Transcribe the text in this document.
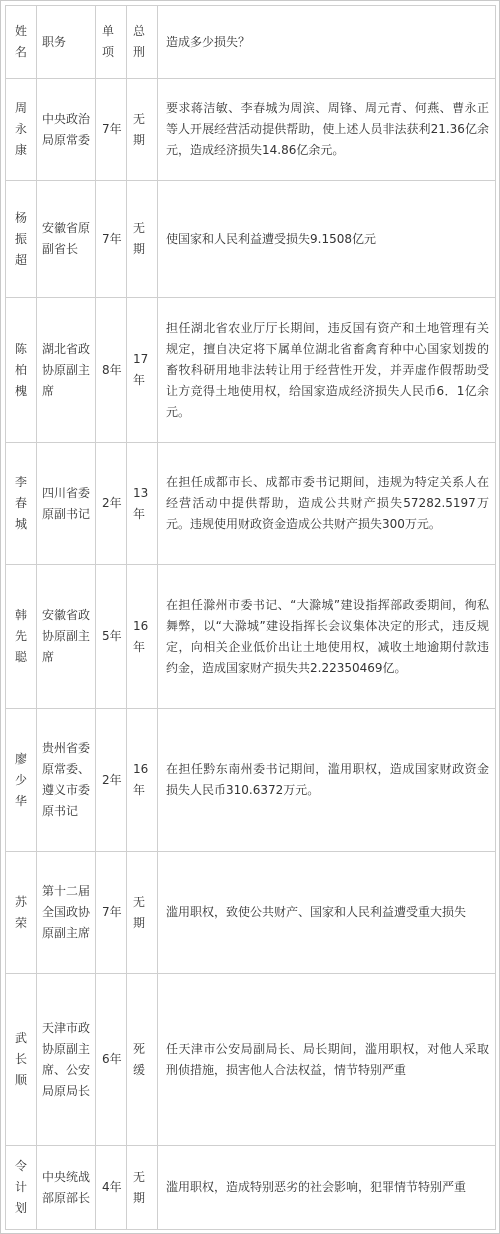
姓名	职务	单项	总刑	造成多少损失？

周永康	中央政治局原常委	7年	无期	要求蒋洁敏、李春城为周滨、周锋、周元青、何燕、曹永正等人开展经营活动提供帮助，使上述人员非法获利21.36亿余元，造成经济损失14.86亿余元。

杨振超	安徽省原副省长	7年	无期	使国家和人民利益遭受损失9.1508亿元

陈柏槐	湖北省政协原副主席	8年	17年	担任湖北省农业厅厅长期间，违反国有资产和土地管理有关规定，擅自决定将下属单位湖北省畜禽育种中心国家划拨的畜牧科研用地非法转让用于经营性开发，并弄虚作假帮助受让方竞得土地使用权，给国家造成经济损失人民币6．1亿余元。

李春城	四川省委原副书记	2年	13年	在担任成都市长、成都市委书记期间，违规为特定关系人在经营活动中提供帮助，造成公共财产损失57282.5197万元。违规使用财政资金造成公共财产损失300万元。

韩先聪	安徽省政协原副主席	5年	16年	在担任滁州市委书记、“大滁城”建设指挥部政委期间，徇私舞弊，以“大滁城”建设指挥长会议集体决定的形式，违反规定，向相关企业低价出让土地使用权，减收土地逾期付款违约金，造成国家财产损失共2.22350469亿。

廖少华	贵州省委原常委、遵义市委原书记	2年	16年	在担任黔东南州委书记期间，滥用职权，造成国家财政资金损失人民币310.6372万元。

苏荣	第十二届全国政协原副主席	7年	无期	滥用职权，致使公共财产、国家和人民利益遭受重大损失

武长顺	天津市政协原副主席、公安局原局长	6年	死缓	任天津市公安局副局长、局长期间，滥用职权，对他人采取刑侦措施，损害他人合法权益，情节特别严重

令计划	中央统战部原部长	4年	无期	滥用职权，造成特别恶劣的社会影响，犯罪情节特别严重
